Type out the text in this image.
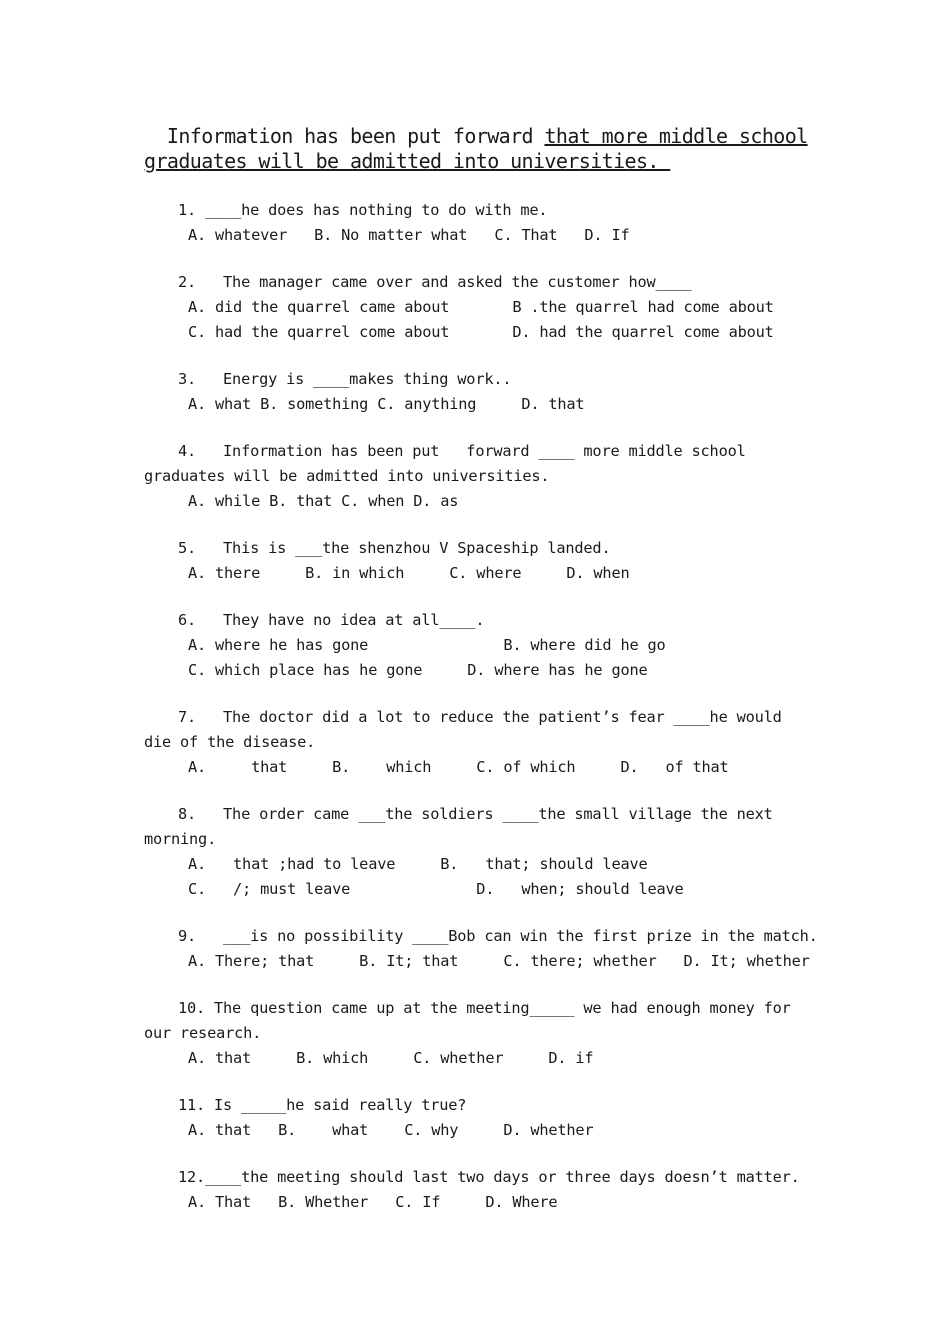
Information has been put forward that more middle school
graduates will be admitted into universities.
1. ____he does has nothing to do with me.
A. whatever   B. No matter what   C. That   D. If
2.   The manager came over and asked the customer how____
A. did the quarrel came about       B .the quarrel had come about
C. had the quarrel come about       D. had the quarrel come about
3.   Energy is ____makes thing work..
A. what B. something C. anything     D. that
4.   Information has been put   forward ____ more middle school
graduates will be admitted into universities.
A. while B. that C. when D. as
5.   This is ___the shenzhou V Spaceship landed.
A. there     B. in which     C. where     D. when
6.   They have no idea at all____.
A. where he has gone               B. where did he go
C. which place has he gone     D. where has he gone
7.   The doctor did a lot to reduce the patient’s fear ____he would
die of the disease.
A.     that     B.    which     C. of which     D.   of that
8.   The order came ___the soldiers ____the small village the next
morning.
A.   that ;had to leave     B.   that; should leave
C.   /; must leave              D.   when; should leave
9.   ___is no possibility ____Bob can win the first prize in the match.
A. There; that     B. It; that     C. there; whether   D. It; whether
10. The question came up at the meeting_____ we had enough money for
our research.
A. that     B. which     C. whether     D. if
11. Is _____he said really true?
A. that   B.    what    C. why     D. whether
12.____the meeting should last two days or three days doesn’t matter.
A. That   B. Whether   C. If     D. Where
